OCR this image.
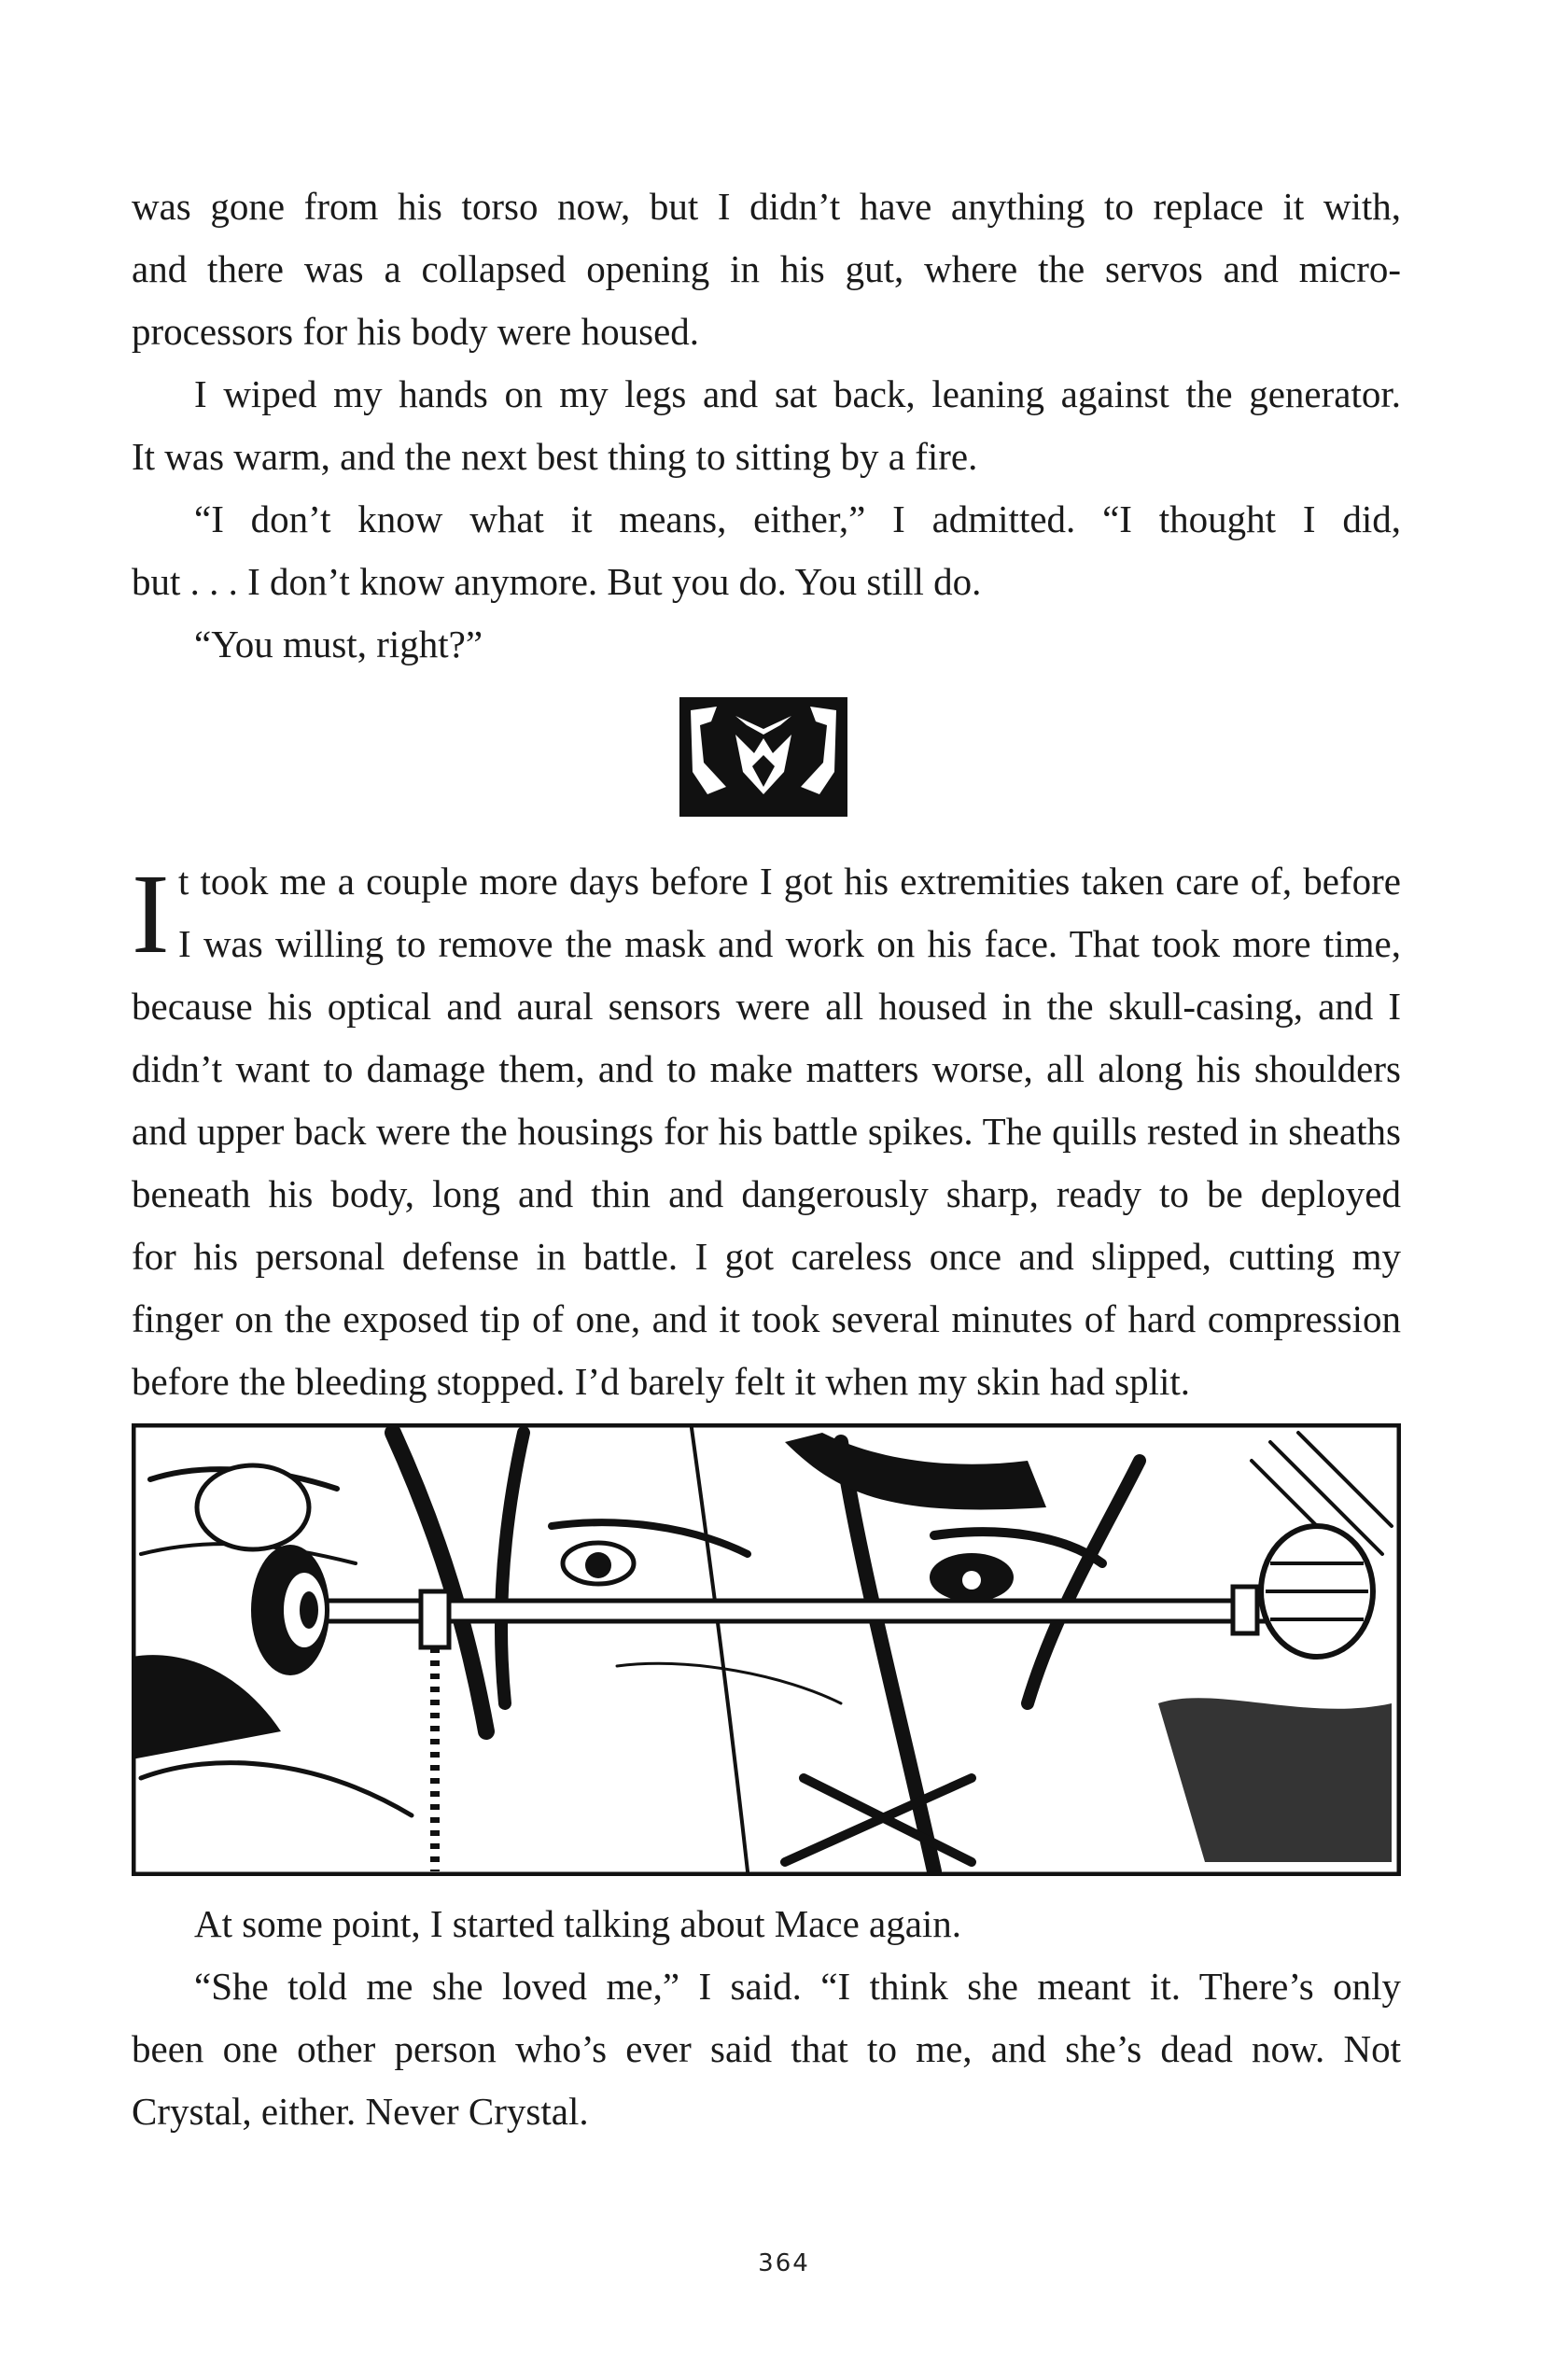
was gone from his torso now, but I didn’t have anything to replace it with,
and there was a collapsed opening in his gut, where the servos and micro-
processors for his body were housed.
I wiped my hands on my legs and sat back, leaning against the generator.
It was warm, and the next best thing to sitting by a fire.
“I don’t know what it means, either,” I admitted. “I thought I did,
but . . . I don’t know anymore. But you do. You still do.
“You must, right?”
I t took me a couple more days before I got his extremities taken care of, before
I was willing to remove the mask and work on his face. That took more time,
because his optical and aural sensors were all housed in the skull-casing, and I
didn’t want to damage them, and to make matters worse, all along his shoulders
and upper back were the housings for his battle spikes. The quills rested in sheaths
beneath his body, long and thin and dangerously sharp, ready to be deployed
for his personal defense in battle. I got careless once and slipped, cutting my
finger on the exposed tip of one, and it took several minutes of hard compression
before the bleeding stopped. I’d barely felt it when my skin had split.
At some point, I started talking about Mace again.
“She told me she loved me,” I said. “I think she meant it. There’s only
been one other person who’s ever said that to me, and she’s dead now. Not
Crystal, either. Never Crystal.
364
